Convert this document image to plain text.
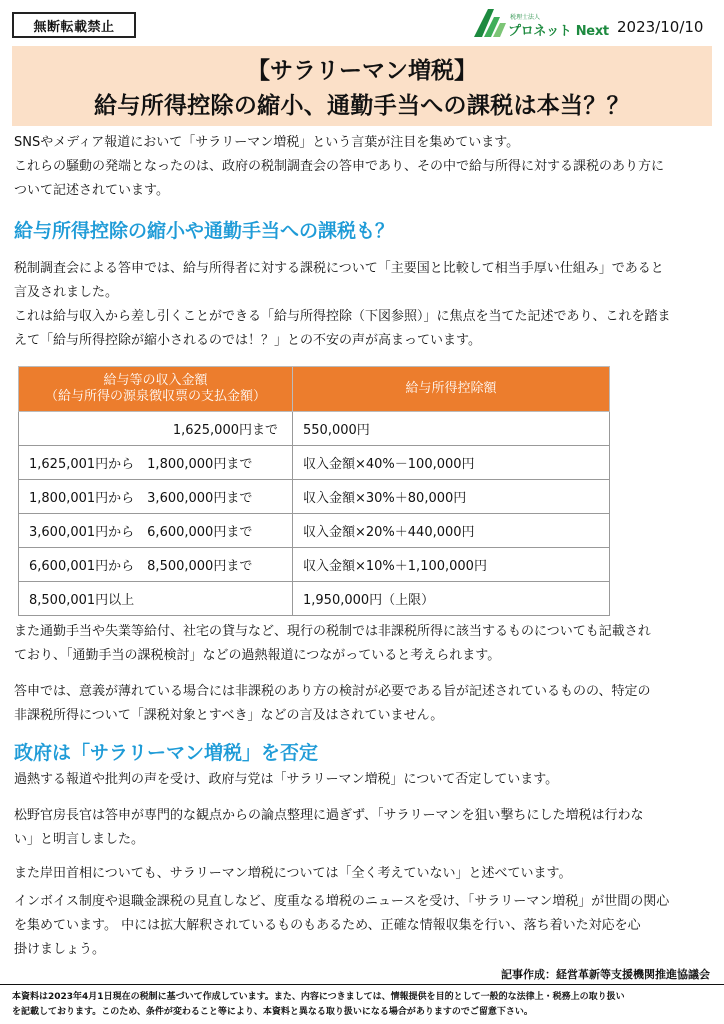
無断転載禁止
税理士法人
プロネット Next 2023/10/10
【サラリーマン増税】
給与所得控除の縮小、通勤手当への課税は本当？？
SNSやメディア報道において「サラリーマン増税」という言葉が注目を集めています。
これらの騒動の発端となったのは、政府の税制調査会の答申であり、その中で給与所得に対する課税のあり方に
ついて記述されています。
給与所得控除の縮小や通勤手当への課税も？
税制調査会による答申では、給与所得者に対する課税について「主要国と比較して相当手厚い仕組み」であると
言及されました。
これは給与収入から差し引くことができる「給与所得控除（下図参照）」に焦点を当てた記述であり、これを踏ま
えて「給与所得控除が縮小されるのでは！？」との不安の声が高まっています。
給与等の収入金額
（給与所得の源泉徴収票の支払金額）	給与所得控除額
1,625,000円まで	550,000円
1,625,001円から　1,800,000円まで	収入金額×40%－100,000円
1,800,001円から　3,600,000円まで	収入金額×30%＋80,000円
3,600,001円から　6,600,000円まで	収入金額×20%＋440,000円
6,600,001円から　8,500,000円まで	収入金額×10%＋1,100,000円
8,500,001円以上	1,950,000円（上限）
また通勤手当や失業等給付、社宅の貸与など、現行の税制では非課税所得に該当するものについても記載され
ており、「通勤手当の課税検討」などの過熱報道につながっていると考えられます。
答申では、意義が薄れている場合には非課税のあり方の検討が必要である旨が記述されているものの、特定の
非課税所得について「課税対象とすべき」などの言及はされていません。
政府は「サラリーマン増税」を否定
過熱する報道や批判の声を受け、政府与党は「サラリーマン増税」について否定しています。
松野官房長官は答申が専門的な観点からの論点整理に過ぎず、「サラリーマンを狙い撃ちにした増税は行わな
い」と明言しました。
また岸田首相についても、サラリーマン増税については「全く考えていない」と述べています。
インボイス制度や退職金課税の見直しなど、度重なる増税のニュースを受け、「サラリーマン増税」が世間の関心
を集めています。 中には拡大解釈されているものもあるため、正確な情報収集を行い、落ち着いた対応を心
掛けましょう。
記事作成：経営革新等支援機関推進協議会
本資料は2023年4月1日現在の税制に基づいて作成しています。また、内容につきましては、情報提供を目的として一般的な法律上・税務上の取り扱い
を記載しております。このため、条件が変わること等により、本資料と異なる取り扱いになる場合がありますのでご留意下さい。
